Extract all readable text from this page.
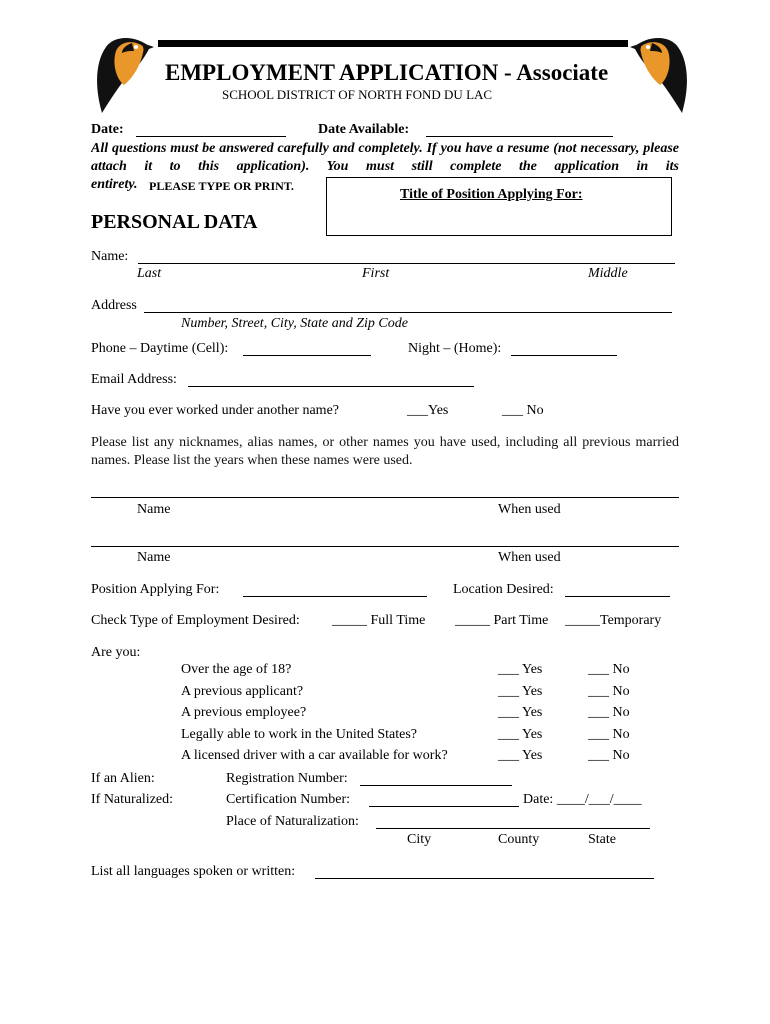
EMPLOYMENT APPLICATION - Associate
SCHOOL DISTRICT OF NORTH FOND DU LAC
Date:	Date Available:
All questions must be answered carefully and completely. If you have a resume (not necessary, please attach it to this application). You must still complete the application in its
entirety. PLEASE TYPE OR PRINT.
Title of Position Applying For:
PERSONAL DATA
Name:
Last	First	Middle
Address
Number, Street, City, State and Zip Code
Phone – Daytime (Cell):	Night – (Home):
Email Address:
Have you ever worked under another name?	___Yes	___ No
Please list any nicknames, alias names, or other names you have used, including all previous married names. Please list the years when these names were used.
Name	When used
Name	When used
Position Applying For:	Location Desired:
Check Type of Employment Desired: _____ Full Time _____ Part Time _____Temporary
Are you:
Over the age of 18?	___ Yes	___ No
A previous applicant?	___ Yes	___ No
A previous employee?	___ Yes	___ No
Legally able to work in the United States?	___ Yes	___ No
A licensed driver with a car available for work?	___ Yes	___ No
If an Alien:	Registration Number:
If Naturalized:	Certification Number:	Date: ____/___/____
Place of Naturalization:
City	County	State
List all languages spoken or written:
